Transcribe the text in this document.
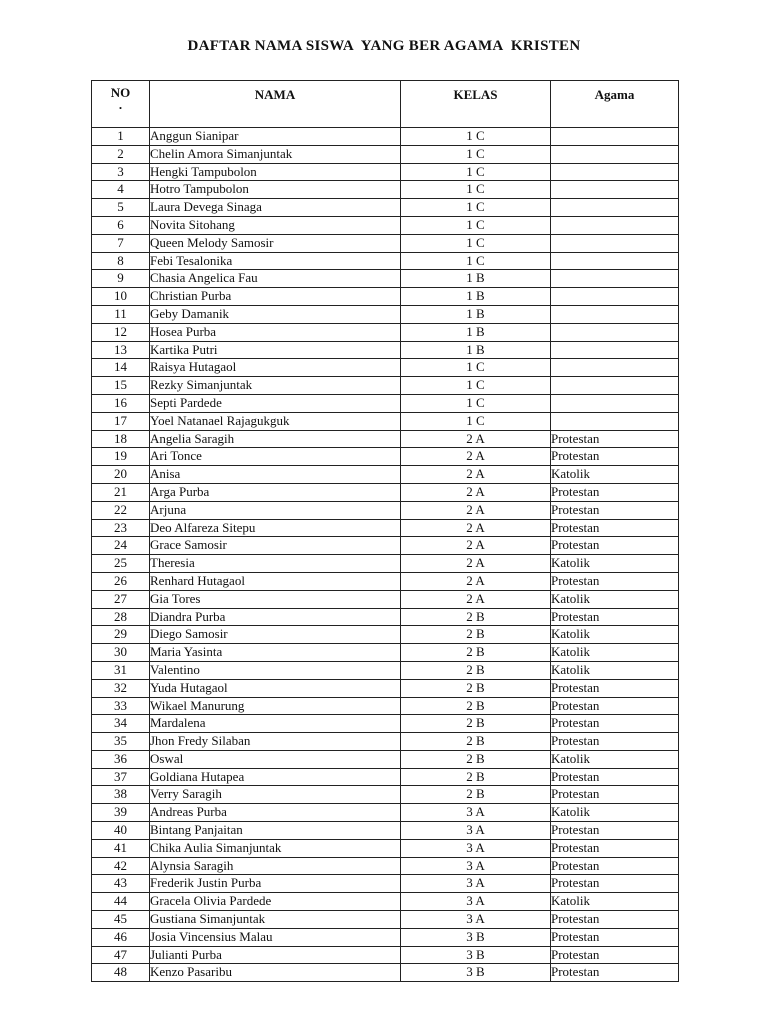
DAFTAR NAMA SISWA  YANG BER AGAMA  KRISTEN
NO
.	NAMA	KELAS	Agama
1	Anggun Sianipar	1 C	
2	Chelin Amora Simanjuntak	1 C	
3	Hengki Tampubolon	1 C	
4	Hotro Tampubolon	1 C	
5	Laura Devega Sinaga	1 C	
6	Novita Sitohang	1 C	
7	Queen Melody Samosir	1 C	
8	Febi Tesalonika	1 C	
9	Chasia Angelica Fau	1 B	
10	Christian Purba	1 B	
11	Geby Damanik	1 B	
12	Hosea Purba	1 B	
13	Kartika Putri	1 B	
14	Raisya Hutagaol	1 C	
15	Rezky Simanjuntak	1 C	
16	Septi Pardede	1 C	
17	Yoel Natanael Rajagukguk	1 C	
18	Angelia Saragih	2 A	Protestan
19	Ari Tonce	2 A	Protestan
20	Anisa	2 A	Katolik
21	Arga Purba	2 A	Protestan
22	Arjuna	2 A	Protestan
23	Deo Alfareza Sitepu	2 A	Protestan
24	Grace Samosir	2 A	Protestan
25	Theresia	2 A	Katolik
26	Renhard Hutagaol	2 A	Protestan
27	Gia Tores	2 A	Katolik
28	Diandra Purba	2 B	Protestan
29	Diego Samosir	2 B	Katolik
30	Maria Yasinta	2 B	Katolik
31	Valentino	2 B	Katolik
32	Yuda Hutagaol	2 B	Protestan
33	Wikael Manurung	2 B	Protestan
34	Mardalena	2 B	Protestan
35	Jhon Fredy Silaban	2 B	Protestan
36	Oswal	2 B	Katolik
37	Goldiana Hutapea	2 B	Protestan
38	Verry Saragih	2 B	Protestan
39	Andreas Purba	3 A	Katolik
40	Bintang Panjaitan	3 A	Protestan
41	Chika Aulia Simanjuntak	3 A	Protestan
42	Alynsia Saragih	3 A	Protestan
43	Frederik Justin Purba	3 A	Protestan
44	Gracela Olivia Pardede	3 A	Katolik
45	Gustiana Simanjuntak	3 A	Protestan
46	Josia Vincensius Malau	3 B	Protestan
47	Julianti Purba	3 B	Protestan
48	Kenzo Pasaribu	3 B	Protestan
